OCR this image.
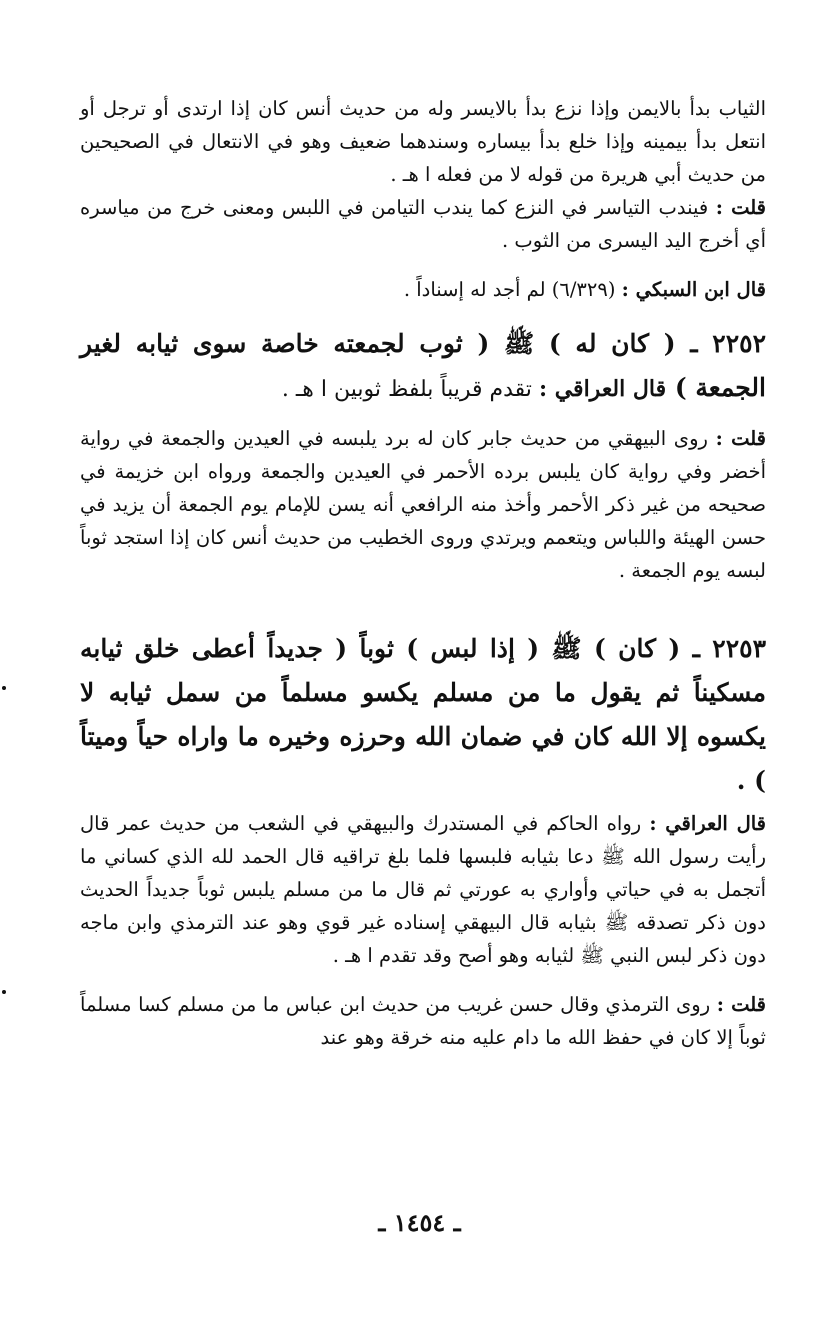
الثياب بدأ بالايمن وإذا نزع بدأ بالايسر وله من حديث أنس كان إذا ارتدى أو ترجل أو انتعل بدأ بيمينه وإذا خلع بدأ بيساره وسندهما ضعيف وهو في الانتعال في الصحيحين من حديث أبي هريرة من قوله لا من فعله ا هـ .

قلت : فيندب التياسر في النزع كما يندب التيامن في اللبس ومعنى خرج من مياسره أي أخرج اليد اليسرى من الثوب .

قال ابن السبكي : (٦/٣٢٩) لم أجد له إسناداً .

٢٢٥٢ ـ ( كان له ) ﷺ ( ثوب لجمعته خاصة سوى ثيابه لغير الجمعة ) قال العراقي : تقدم قريباً بلفظ ثوبين ا هـ .

قلت : روى البيهقي من حديث جابر كان له برد يلبسه في العيدين والجمعة في رواية أخضر وفي رواية كان يلبس برده الأحمر في العيدين والجمعة ورواه ابن خزيمة في صحيحه من غير ذكر الأحمر وأخذ منه الرافعي أنه يسن للإمام يوم الجمعة أن يزيد في حسن الهيئة واللباس ويتعمم ويرتدي وروى الخطيب من حديث أنس كان إذا استجد ثوباً لبسه يوم الجمعة .

٢٢٥٣ ـ ( كان ) ﷺ ( إذا لبس ) ثوباً ( جديداً أعطى خلق ثيابه مسكيناً ثم يقول ما من مسلم يكسو مسلماً من سمل ثيابه لا يكسوه إلا الله كان في ضمان الله وحرزه وخيره ما واراه حياً وميتاً ) .

قال العراقي : رواه الحاكم في المستدرك والبيهقي في الشعب من حديث عمر قال رأيت رسول الله ﷺ دعا بثيابه فلبسها فلما بلغ تراقيه قال الحمد لله الذي كساني ما أتجمل به في حياتي وأواري به عورتي ثم قال ما من مسلم يلبس ثوباً جديداً الحديث دون ذكر تصدقه ﷺ بثيابه قال البيهقي إسناده غير قوي وهو عند الترمذي وابن ماجه دون ذكر لبس النبي ﷺ لثيابه وهو أصح وقد تقدم ا هـ .

قلت : روى الترمذي وقال حسن غريب من حديث ابن عباس ما من مسلم كسا مسلماً ثوباً إلا كان في حفظ الله ما دام عليه منه خرقة وهو عند

ـ ١٤٥٤ ـ
